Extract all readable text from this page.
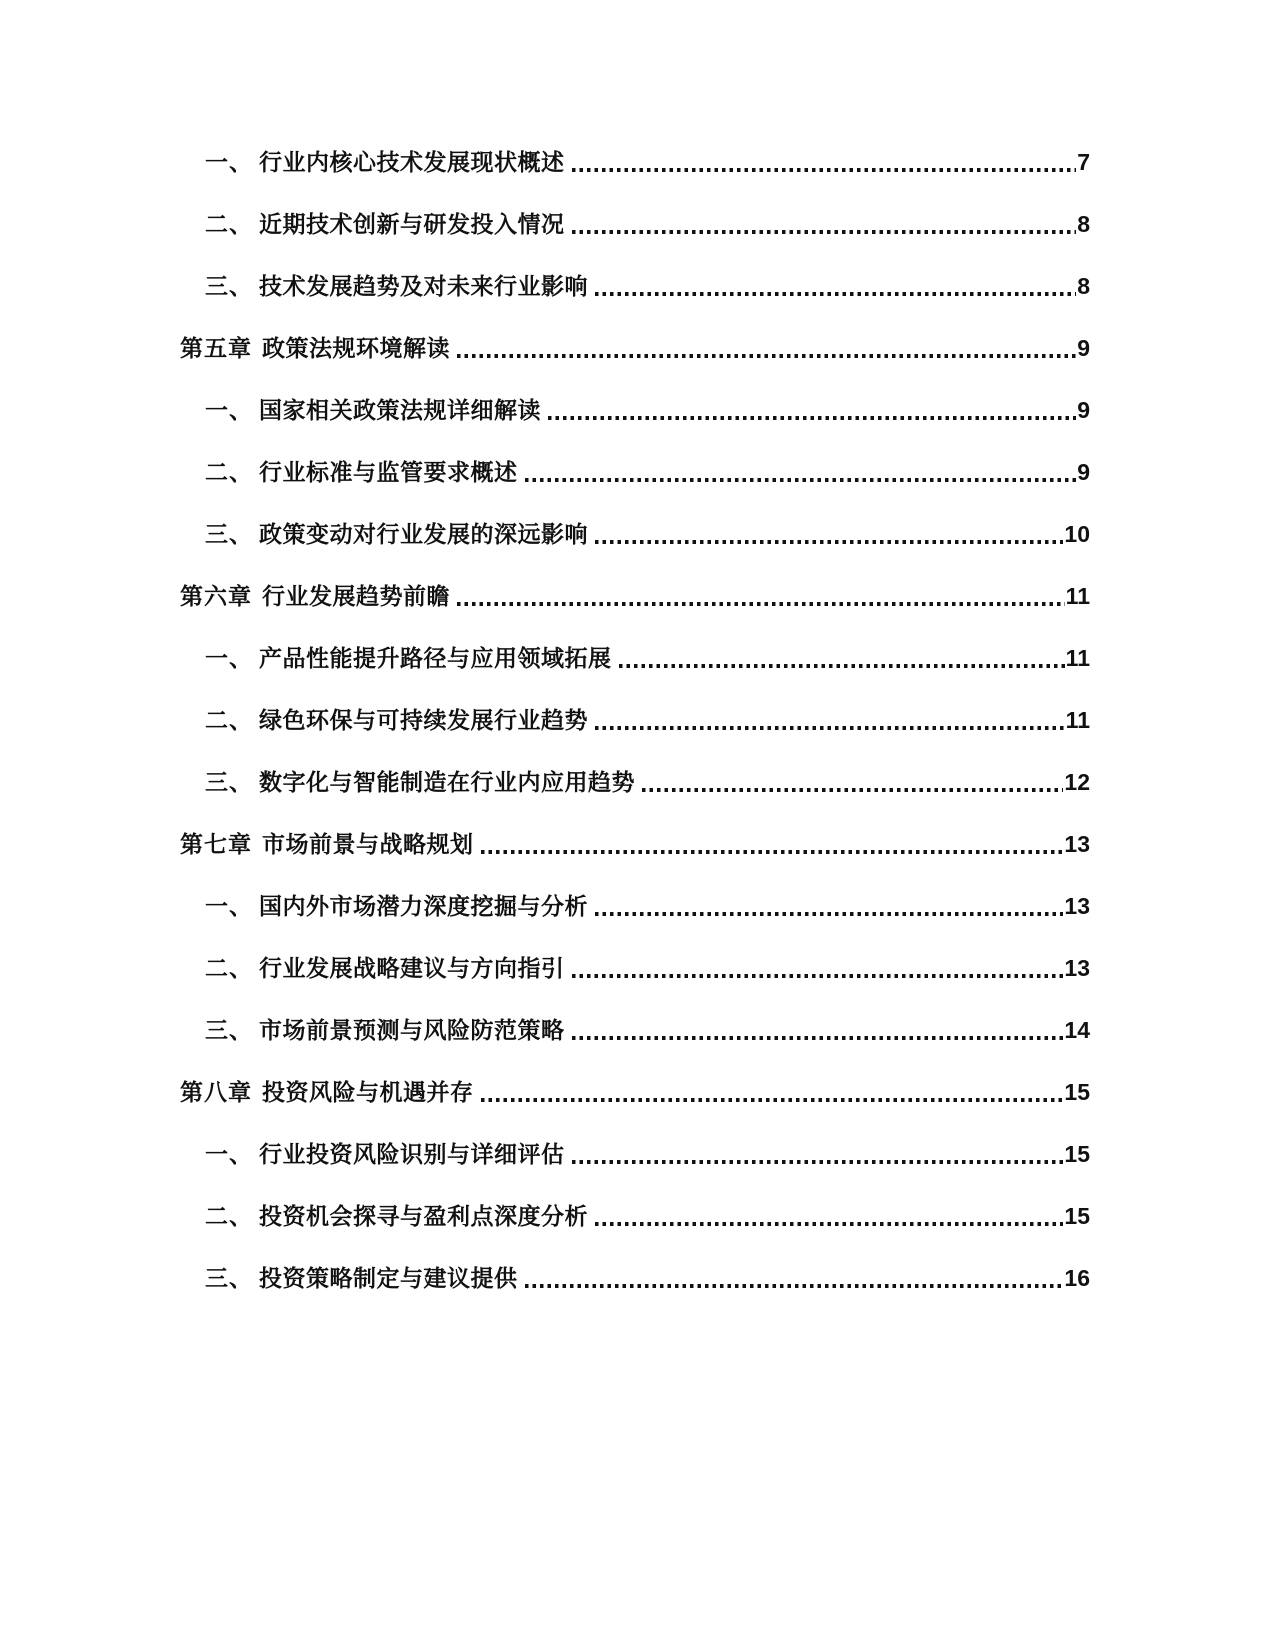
一、 行业内核心技术发展现状概述	7
二、 近期技术创新与研发投入情况	8
三、 技术发展趋势及对未来行业影响	8
第五章 政策法规环境解读	9
一、 国家相关政策法规详细解读	9
二、 行业标准与监管要求概述	9
三、 政策变动对行业发展的深远影响	10
第六章 行业发展趋势前瞻	11
一、 产品性能提升路径与应用领域拓展	11
二、 绿色环保与可持续发展行业趋势	11
三、 数字化与智能制造在行业内应用趋势	12
第七章 市场前景与战略规划	13
一、 国内外市场潜力深度挖掘与分析	13
二、 行业发展战略建议与方向指引	13
三、 市场前景预测与风险防范策略	14
第八章 投资风险与机遇并存	15
一、 行业投资风险识别与详细评估	15
二、 投资机会探寻与盈利点深度分析	15
三、 投资策略制定与建议提供	16
